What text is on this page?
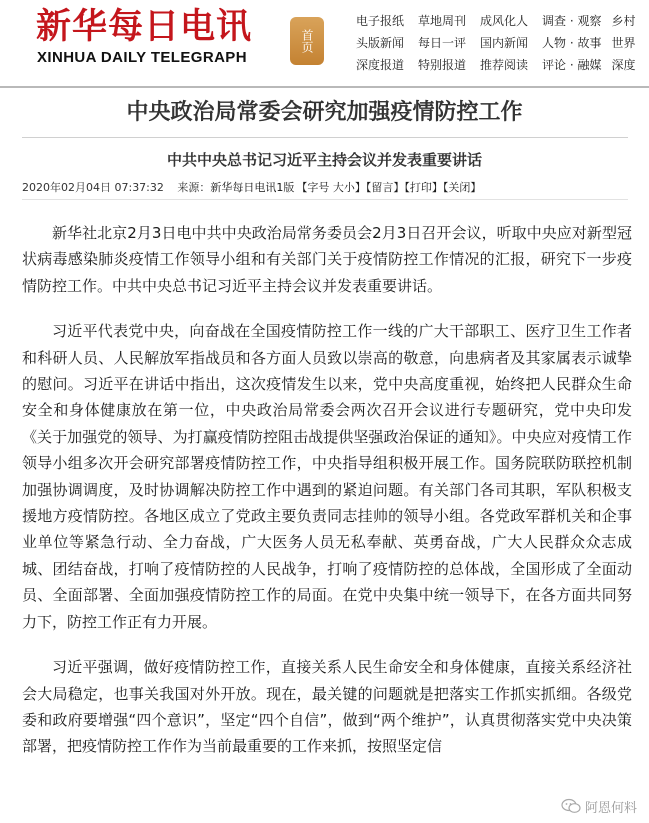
新华每日电讯
XINHUA DAILY TELEGRAPH
首页
电子报纸 草地周刊 成风化人 调查 · 观察 乡村
头版新闻 每日一评 国内新闻 人物 · 故事 世界
深度报道 特别报道 推荐阅读 评论 · 融媒 深度
中央政治局常委会研究加强疫情防控工作
中共中央总书记习近平主持会议并发表重要讲话
2020年02月04日 07:37:32 来源：新华每日电讯1版 【字号 大小】【留言】【打印】【关闭】

新华社北京2月3日电中共中央政治局常务委员会2月3日召开会议，听取中央应对新型冠状病毒感染肺炎疫情工作领导小组和有关部门关于疫情防控工作情况的汇报，研究下一步疫情防控工作。中共中央总书记习近平主持会议并发表重要讲话。

习近平代表党中央，向奋战在全国疫情防控工作一线的广大干部职工、医疗卫生工作者和科研人员、人民解放军指战员和各方面人员致以崇高的敬意，向患病者及其家属表示诚挚的慰问。习近平在讲话中指出，这次疫情发生以来，党中央高度重视，始终把人民群众生命安全和身体健康放在第一位，中央政治局常委会两次召开会议进行专题研究，党中央印发《关于加强党的领导、为打赢疫情防控阻击战提供坚强政治保证的通知》。中央应对疫情工作领导小组多次开会研究部署疫情防控工作，中央指导组积极开展工作。国务院联防联控机制加强协调调度，及时协调解决防控工作中遇到的紧迫问题。有关部门各司其职，军队积极支援地方疫情防控。各地区成立了党政主要负责同志挂帅的领导小组。各党政军群机关和企事业单位等紧急行动、全力奋战，广大医务人员无私奉献、英勇奋战，广大人民群众众志成城、团结奋战，打响了疫情防控的人民战争，打响了疫情防控的总体战，全国形成了全面动员、全面部署、全面加强疫情防控工作的局面。在党中央集中统一领导下，在各方面共同努力下，防控工作正有力开展。

习近平强调，做好疫情防控工作，直接关系人民生命安全和身体健康，直接关系经济社会大局稳定，也事关我国对外开放。现在，最关键的问题就是把落实工作抓实抓细。各级党委和政府要增强“四个意识”，坚定“四个自信”，做到“两个维护”，认真贯彻落实党中央决策部署，把疫情防控工作作为当前最重要的工作来抓，按照坚定信

阿恩何料
